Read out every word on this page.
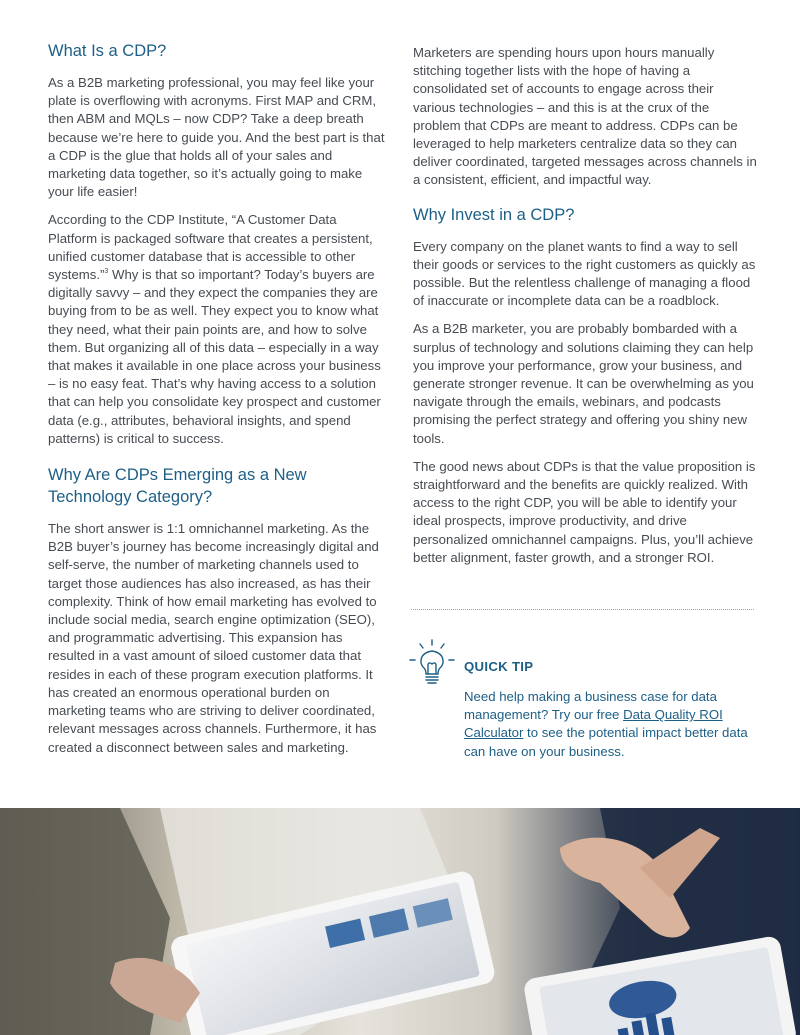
What Is a CDP?

As a B2B marketing professional, you may feel like your plate is overflowing with acronyms. First MAP and CRM, then ABM and MQLs – now CDP? Take a deep breath because we’re here to guide you. And the best part is that a CDP is the glue that holds all of your sales and marketing data together, so it’s actually going to make your life easier!

According to the CDP Institute, “A Customer Data Platform is packaged software that creates a persistent, unified customer database that is accessible to other systems.”$^3$ Why is that so important? Today’s buyers are digitally savvy – and they expect the companies they are buying from to be as well. They expect you to know what they need, what their pain points are, and how to solve them. But organizing all of this data – especially in a way that makes it available in one place across your business – is no easy feat. That’s why having access to a solution that can help you consolidate key prospect and customer data (e.g., attributes, behavioral insights, and spend patterns) is critical to success.

Why Are CDPs Emerging as a New Technology Category?

The short answer is 1:1 omnichannel marketing. As the B2B buyer’s journey has become increasingly digital and self-serve, the number of marketing channels used to target those audiences has also increased, as has their complexity. Think of how email marketing has evolved to include social media, search engine optimization (SEO), and programmatic advertising. This expansion has resulted in a vast amount of siloed customer data that resides in each of these program execution platforms. It has created an enormous operational burden on marketing teams who are striving to deliver coordinated, relevant messages across channels. Furthermore, it has created a disconnect between sales and marketing.

Marketers are spending hours upon hours manually stitching together lists with the hope of having a consolidated set of accounts to engage across their various technologies – and this is at the crux of the problem that CDPs are meant to address. CDPs can be leveraged to help marketers centralize data so they can deliver coordinated, targeted messages across channels in a consistent, efficient, and impactful way.

Why Invest in a CDP?

Every company on the planet wants to find a way to sell their goods or services to the right customers as quickly as possible. But the relentless challenge of managing a flood of inaccurate or incomplete data can be a roadblock.

As a B2B marketer, you are probably bombarded with a surplus of technology and solutions claiming they can help you improve your performance, grow your business, and generate stronger revenue. It can be overwhelming as you navigate through the emails, webinars, and podcasts promising the perfect strategy and offering you shiny new tools.

The good news about CDPs is that the value proposition is straightforward and the benefits are quickly realized. With access to the right CDP, you will be able to identify your ideal prospects, improve productivity, and drive personalized omnichannel campaigns. Plus, you’ll achieve better alignment, faster growth, and a stronger ROI.

QUICK TIP

Need help making a business case for data management? Try our free Data Quality ROI Calculator to see the potential impact better data can have on your business.
